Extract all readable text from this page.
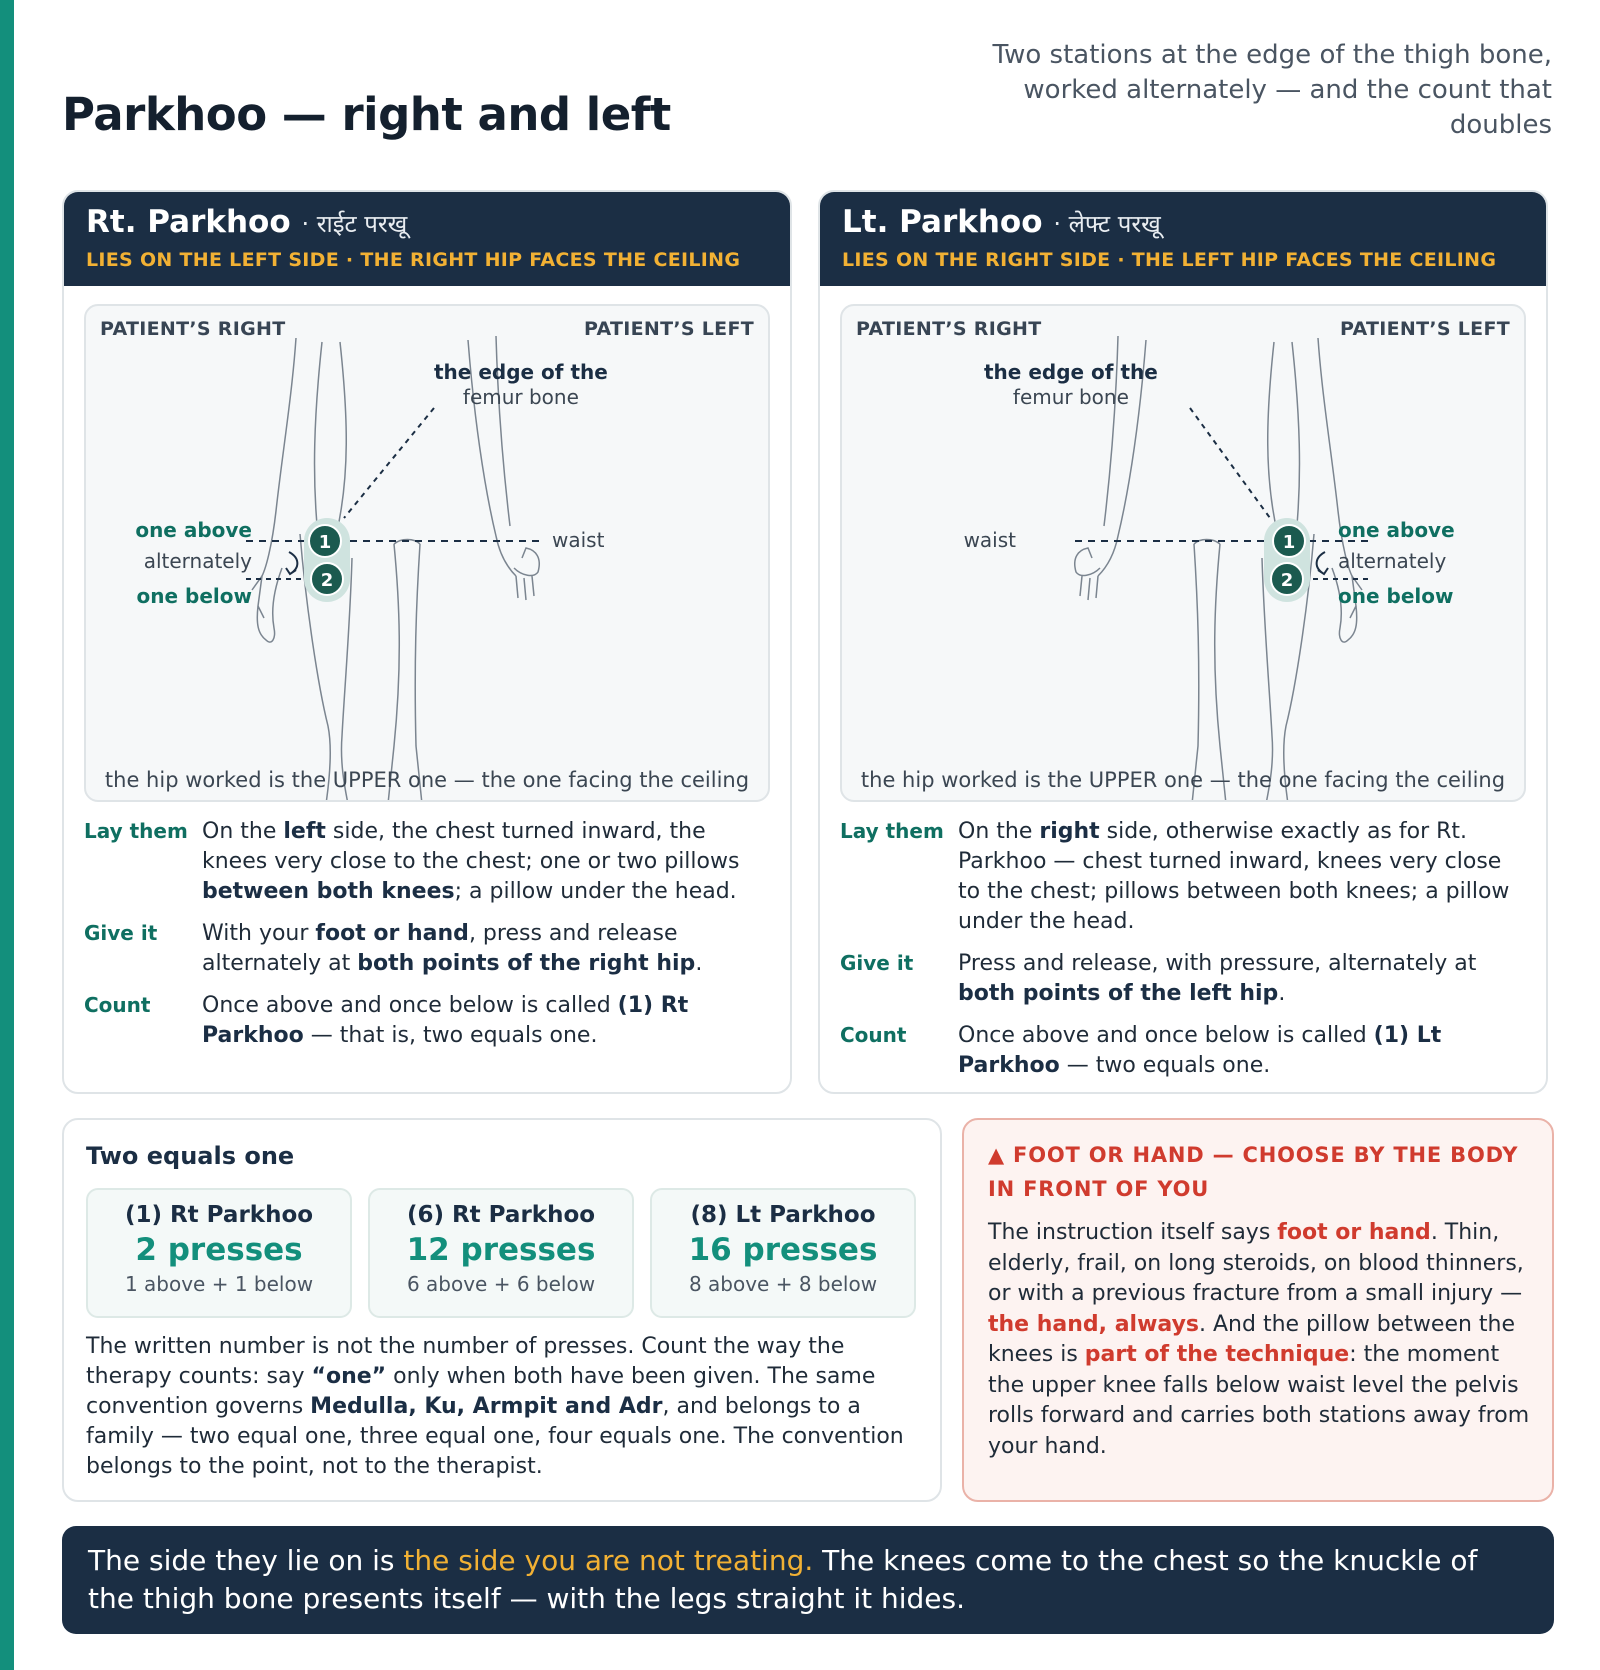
Parkhoo — right and left
Two stations at the edge of the thigh bone, worked alternately — and the count that doubles
Rt. Parkhoo · राईट परखू
LIES ON THE LEFT SIDE · THE RIGHT HIP FACES THE CEILING
PATIENT’S RIGHT	PATIENT’S LEFT
the edge of the
femur bone
one above
alternately
one below
waist
1
2
the hip worked is the UPPER one — the one facing the ceiling
Lay them On the left side, the chest turned inward, the knees very close to the chest; one or two pillows between both knees; a pillow under the head.
Give it	With your foot or hand, press and release alternately at both points of the right hip.
Count	Once above and once below is called (1) Rt Parkhoo — that is, two equals one.
Lt. Parkhoo · लेफ्ट परखू
LIES ON THE RIGHT SIDE · THE LEFT HIP FACES THE CEILING
PATIENT’S RIGHT	PATIENT’S LEFT
the edge of the
femur bone
one above
alternately
one below
waist	1
2
the hip worked is the UPPER one — the one facing the ceiling
Lay them On the right side, otherwise exactly as for Rt. Parkhoo — chest turned inward, knees very close to the chest; pillows between both knees; a pillow under the head.
Give it	Press and release, with pressure, alternately at both points of the left hip.
Count	Once above and once below is called (1) Lt Parkhoo — two equals one.
Two equals one
(1) Rt Parkhoo
2 presses
1 above + 1 below
(6) Rt Parkhoo
12 presses
6 above + 6 below
(8) Lt Parkhoo
16 presses
8 above + 8 below
The written number is not the number of presses. Count the way the therapy counts: say “one” only when both have been given. The same convention governs Medulla, Ku, Armpit and Adr, and belongs to a family — two equal one, three equal one, four equals one. The convention belongs to the point, not to the therapist.
▲ FOOT OR HAND — CHOOSE BY THE BODY IN FRONT OF YOU
The instruction itself says foot or hand. Thin, elderly, frail, on long steroids, on blood thinners, or with a previous fracture from a small injury — the hand, always. And the pillow between the knees is part of the technique: the moment the upper knee falls below waist level the pelvis rolls forward and carries both stations away from your hand.
The side they lie on is the side you are not treating. The knees come to the chest so the knuckle of the thigh bone presents itself — with the legs straight it hides.
